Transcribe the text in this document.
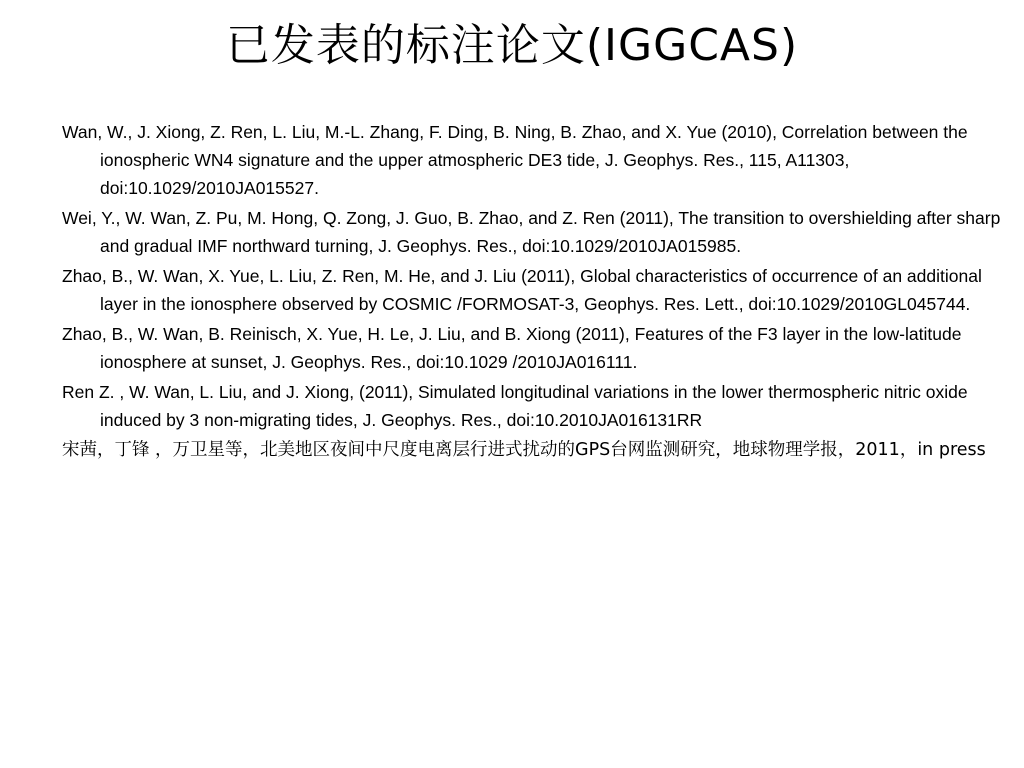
已发表的标注论文(IGGCAS)

Wan, W., J. Xiong, Z. Ren, L. Liu, M.-L. Zhang, F. Ding, B. Ning, B. Zhao, and X. Yue (2010), Correlation between the ionospheric WN4 signature and the upper atmospheric DE3 tide, J. Geophys. Res., 115, A11303, doi:10.1029/2010JA015527.

Wei, Y., W. Wan, Z. Pu, M. Hong, Q. Zong, J. Guo, B. Zhao, and Z. Ren (2011), The transition to overshielding after sharp and gradual IMF northward turning, J. Geophys. Res., doi:10.1029/2010JA015985.

Zhao, B., W. Wan, X. Yue, L. Liu, Z. Ren, M. He, and J. Liu (2011), Global characteristics of occurrence of an additional layer in the ionosphere observed by COSMIC /FORMOSAT-3, Geophys. Res. Lett., doi:10.1029/2010GL045744.

Zhao, B., W. Wan, B. Reinisch, X. Yue, H. Le, J. Liu, and B. Xiong (2011), Features of the F3 layer in the low-latitude ionosphere at sunset, J. Geophys. Res., doi:10.1029 /2010JA016111.

Ren Z. , W. Wan, L. Liu, and J. Xiong, (2011), Simulated longitudinal variations in the lower thermospheric nitric oxide induced by 3 non-migrating tides, J. Geophys. Res., doi:10.2010JA016131RR

宋茜，丁锋 ，万卫星等，北美地区夜间中尺度电离层行进式扰动的GPS台网监测研究，地球物理学报，2011，in press
